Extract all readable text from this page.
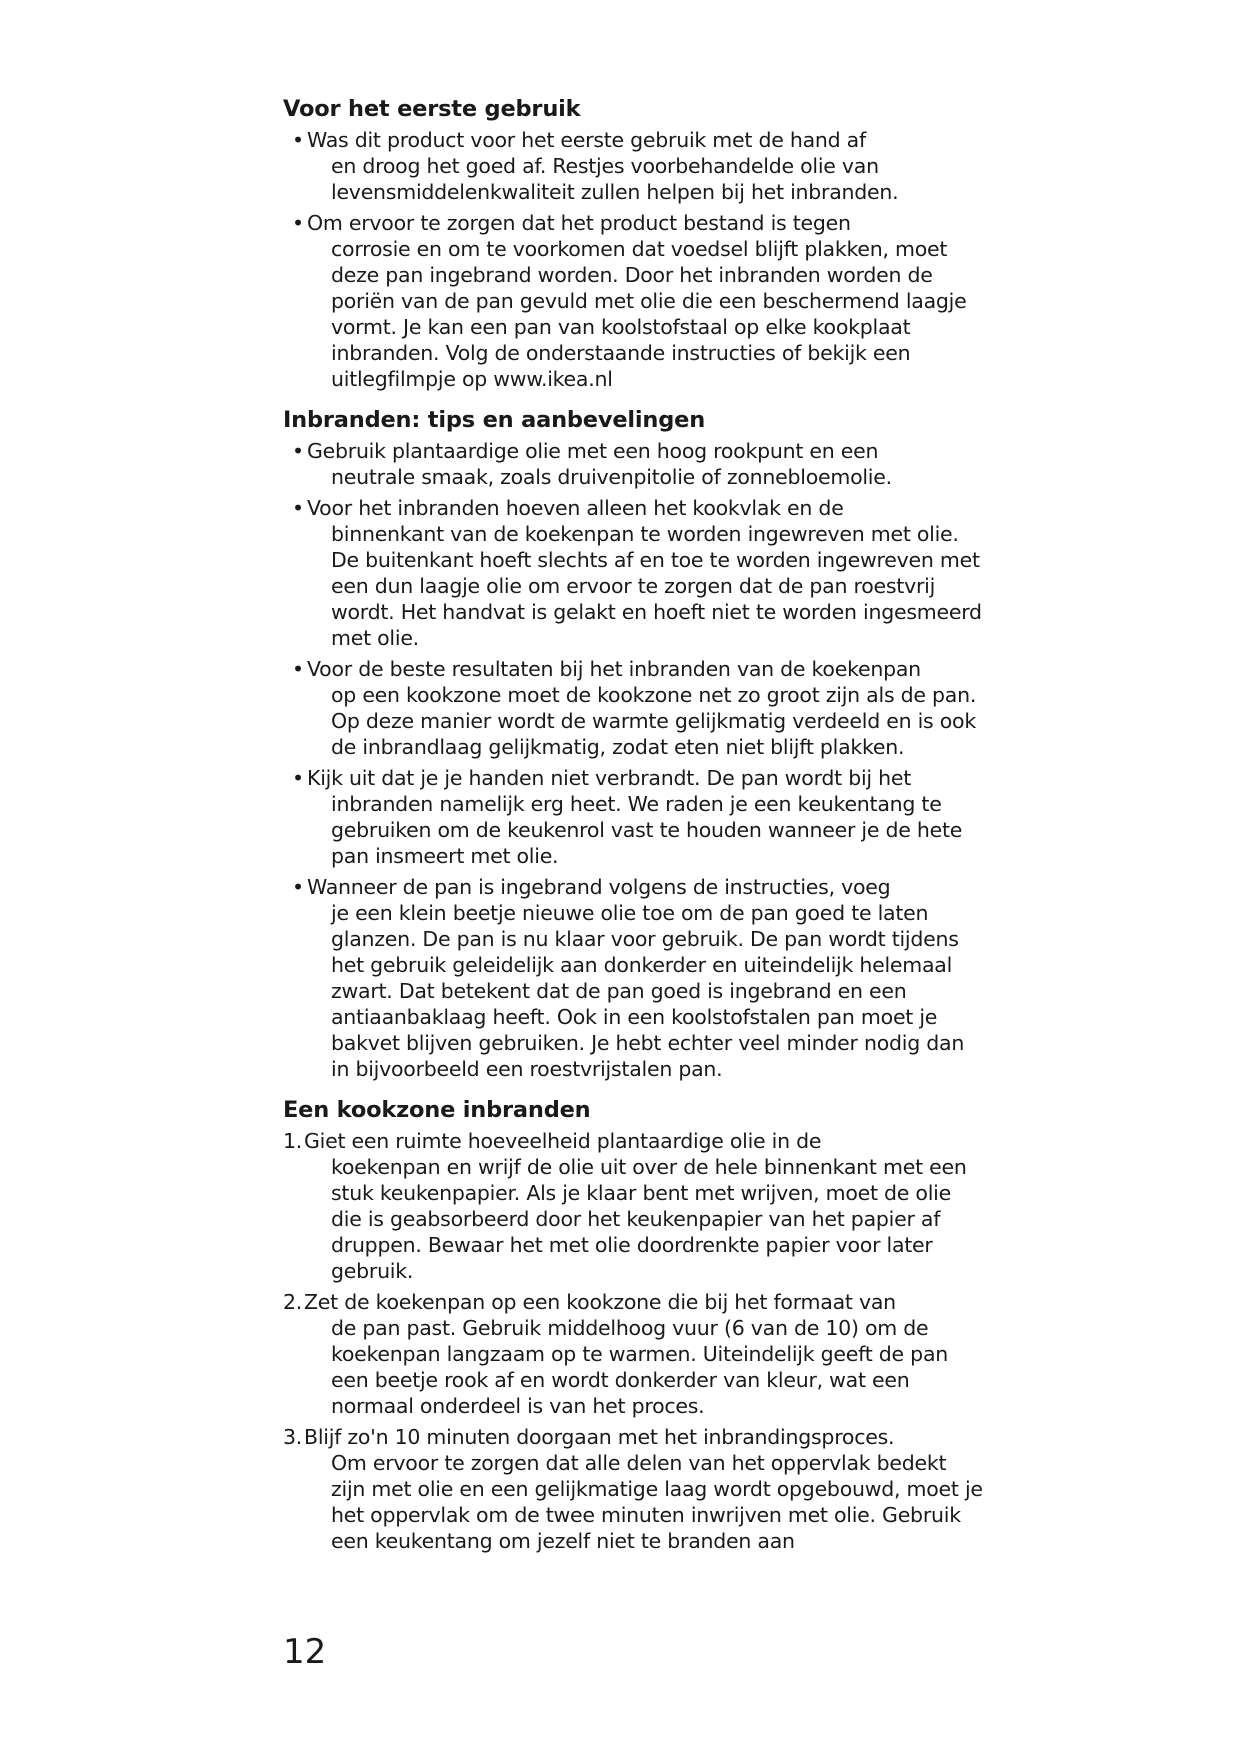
Voor het eerste gebruik
• Was dit product voor het eerste gebruik met de hand af
en droog het goed af. Restjes voorbehandelde olie van levensmiddelenkwaliteit zullen helpen bij het inbranden.
• Om ervoor te zorgen dat het product bestand is tegen
corrosie en om te voorkomen dat voedsel blijft plakken, moet deze pan ingebrand worden. Door het inbranden worden de poriën van de pan gevuld met olie die een beschermend laagje vormt. Je kan een pan van koolstofstaal op elke kookplaat inbranden. Volg de onderstaande instructies of bekijk een uitlegfilmpje op www.ikea.nl
Inbranden: tips en aanbevelingen
• Gebruik plantaardige olie met een hoog rookpunt en een
neutrale smaak, zoals druivenpitolie of zonnebloemolie.
• Voor het inbranden hoeven alleen het kookvlak en de
binnenkant van de koekenpan te worden ingewreven met olie. De buitenkant hoeft slechts af en toe te worden ingewreven met een dun laagje olie om ervoor te zorgen dat de pan roestvrij wordt. Het handvat is gelakt en hoeft niet te worden ingesmeerd met olie.
• Voor de beste resultaten bij het inbranden van de koekenpan
op een kookzone moet de kookzone net zo groot zijn als de pan. Op deze manier wordt de warmte gelijkmatig verdeeld en is ook de inbrandlaag gelijkmatig, zodat eten niet blijft plakken.
• Kijk uit dat je je handen niet verbrandt. De pan wordt bij het
inbranden namelijk erg heet. We raden je een keukentang te gebruiken om de keukenrol vast te houden wanneer je de hete pan insmeert met olie.
• Wanneer de pan is ingebrand volgens de instructies, voeg
je een klein beetje nieuwe olie toe om de pan goed te laten glanzen. De pan is nu klaar voor gebruik. De pan wordt tijdens het gebruik geleidelijk aan donkerder en uiteindelijk helemaal zwart. Dat betekent dat de pan goed is ingebrand en een antiaanbaklaag heeft. Ook in een koolstofstalen pan moet je bakvet blijven gebruiken. Je hebt echter veel minder nodig dan in bijvoorbeeld een roestvrijstalen pan.
Een kookzone inbranden
1. Giet een ruimte hoeveelheid plantaardige olie in de
koekenpan en wrijf de olie uit over de hele binnenkant met een stuk keukenpapier. Als je klaar bent met wrijven, moet de olie die is geabsorbeerd door het keukenpapier van het papier af druppen. Bewaar het met olie doordrenkte papier voor later gebruik.
2. Zet de koekenpan op een kookzone die bij het formaat van
de pan past. Gebruik middelhoog vuur (6 van de 10) om de koekenpan langzaam op te warmen. Uiteindelijk geeft de pan een beetje rook af en wordt donkerder van kleur, wat een normaal onderdeel is van het proces.
3. Blijf zo'n 10 minuten doorgaan met het inbrandingsproces.
Om ervoor te zorgen dat alle delen van het oppervlak bedekt zijn met olie en een gelijkmatige laag wordt opgebouwd, moet je het oppervlak om de twee minuten inwrijven met olie. Gebruik een keukentang om jezelf niet te branden aan
12
